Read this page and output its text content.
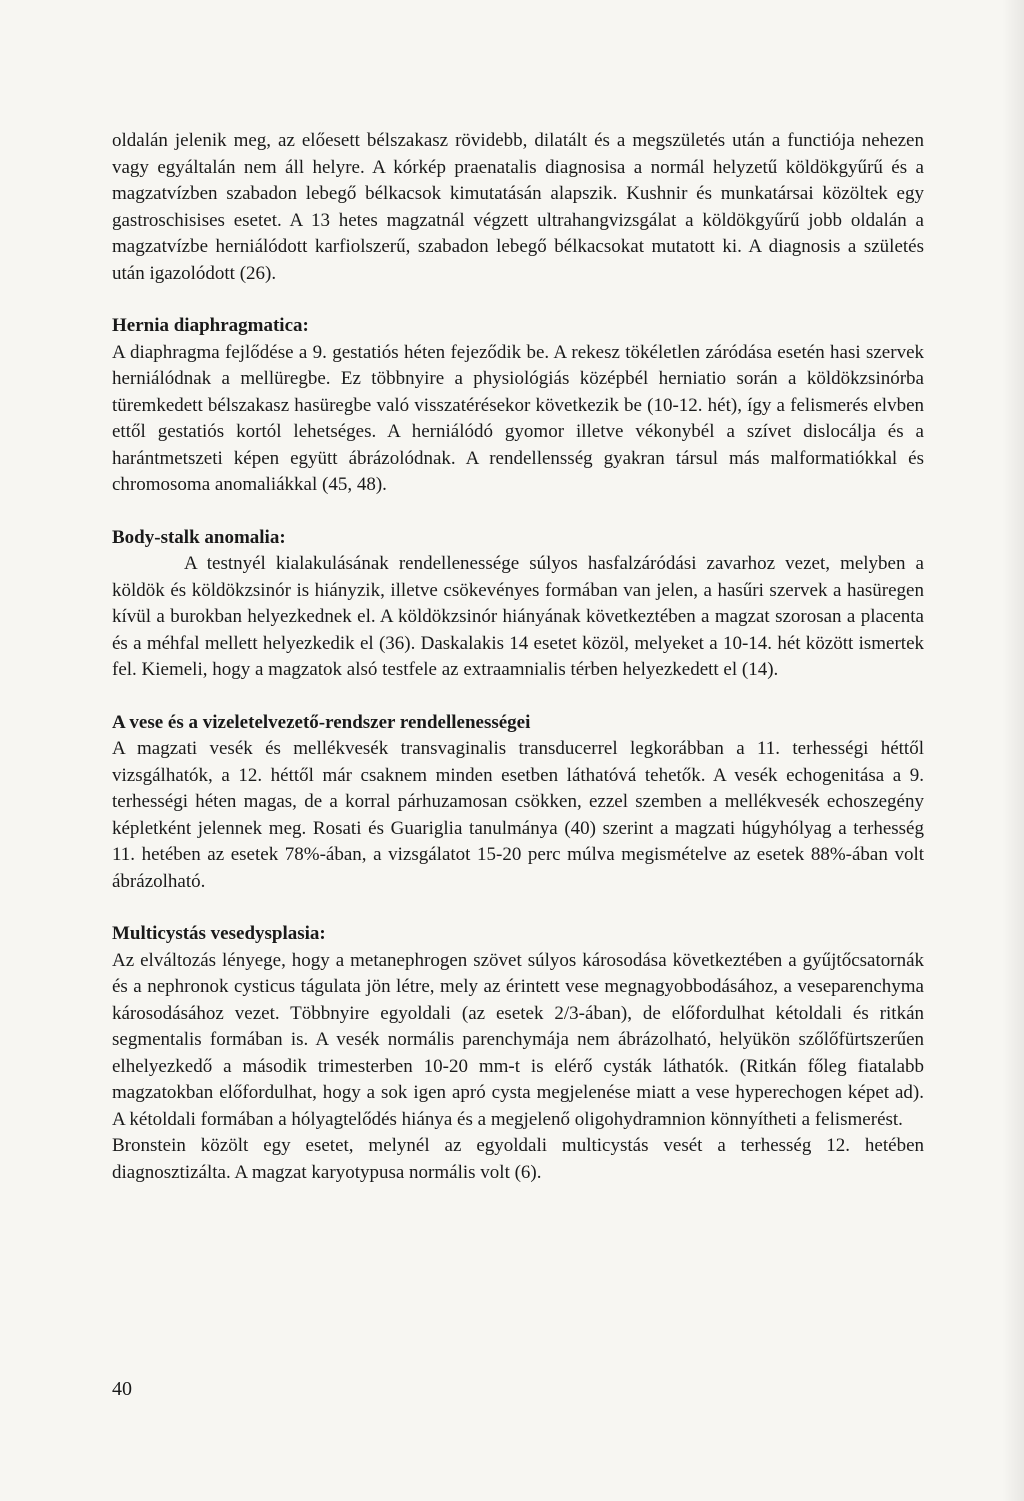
oldalán jelenik meg, az előesett bélszakasz rövidebb, dilatált és a megszületés után a functiója nehezen vagy egyáltalán nem áll helyre. A kórkép praenatalis diagnosisa a normál helyzetű köldökgyűrű és a magzatvízben szabadon lebegő bélkacsok kimutatásán alapszik. Kushnir és munkatársai közöltek egy gastroschisises esetet. A 13 hetes magzatnál végzett ultrahangvizsgálat a köldökgyűrű jobb oldalán a magzatvízbe herniálódott karfiolszerű, szabadon lebegő bélkacsokat mutatott ki. A diagnosis a születés után igazolódott (26).

Hernia diaphragmatica:

A diaphragma fejlődése a 9. gestatiós héten fejeződik be. A rekesz tökéletlen záródása esetén hasi szervek herniálódnak a mellüregbe. Ez többnyire a physiológiás középbél herniatio során a köldökzsinórba türemkedett bélszakasz hasüregbe való visszatérésekor következik be (10-12. hét), így a felismerés elvben ettől gestatiós kortól lehetséges. A herniálódó gyomor illetve vékonybél a szívet dislocálja és a harántmetszeti képen együtt ábrázolódnak. A rendellensség gyakran társul más malformatiókkal és chromosoma anomaliákkal (45, 48).

Body-stalk anomalia:

A testnyél kialakulásának rendellenessége súlyos hasfalzáródási zavarhoz vezet, melyben a köldök és köldökzsinór is hiányzik, illetve csökevényes formában van jelen, a hasűri szervek a hasüregen kívül a burokban helyezkednek el. A köldökzsinór hiányának következtében a magzat szorosan a placenta és a méhfal mellett helyezkedik el (36). Daskalakis 14 esetet közöl, melyeket a 10-14. hét között ismertek fel. Kiemeli, hogy a magzatok alsó testfele az extraamnialis térben helyezkedett el (14).

A vese és a vizeletelvezető-rendszer rendellenességei

A magzati vesék és mellékvesék transvaginalis transducerrel legkorábban a 11. terhességi héttől vizsgálhatók, a 12. héttől már csaknem minden esetben láthatóvá tehetők. A vesék echogenitása a 9. terhességi héten magas, de a korral párhuzamosan csökken, ezzel szemben a mellékvesék echoszegény képletként jelennek meg. Rosati és Guariglia tanulmánya (40) szerint a magzati húgyhólyag a terhesség 11. hetében az esetek 78%-ában, a vizsgálatot 15-20 perc múlva megismételve az esetek 88%-ában volt ábrázolható.

Multicystás vesedysplasia:

Az elváltozás lényege, hogy a metanephrogen szövet súlyos károsodása következtében a gyűjtőcsatornák és a nephronok cysticus tágulata jön létre, mely az érintett vese megnagyobbodásához, a veseparenchyma károsodásához vezet. Többnyire egyoldali (az esetek 2/3-ában), de előfordulhat kétoldali és ritkán segmentalis formában is. A vesék normális parenchymája nem ábrázolható, helyükön szőlőfürtszerűen elhelyezkedő a második trimesterben 10-20 mm-t is elérő cysták láthatók. (Ritkán főleg fiatalabb magzatokban előfordulhat, hogy a sok igen apró cysta megjelenése miatt a vese hyperechogen képet ad). A kétoldali formában a hólyagtelődés hiánya és a megjelenő oligohydramnion könnyítheti a felismerést.

Bronstein közölt egy esetet, melynél az egyoldali multicystás vesét a terhesség 12. hetében diagnosztizálta. A magzat karyotypusa normális volt (6).

40
